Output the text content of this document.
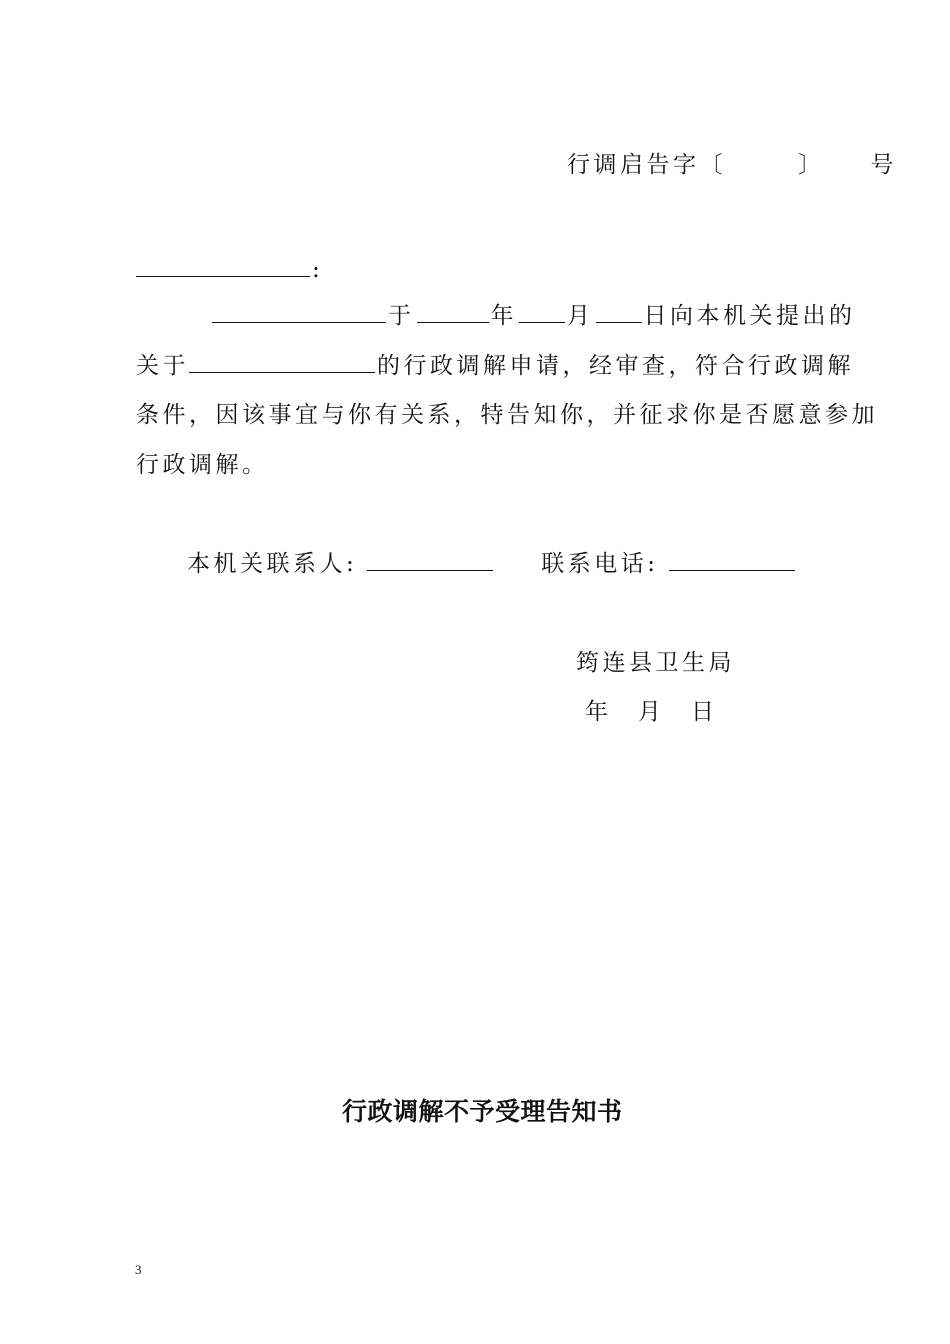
行调启告字〔	〕 号
:
于	年 月 日向本机关提出的
关于	的行政调解申请，经审查，符合行政调解
条件，因该事宜与你有关系，特告知你，并征求你是否愿意参加
行政调解。
本机关联系人:	联系电话:
筠连县卫生局
年　月　日
行政调解不予受理告知书
3
